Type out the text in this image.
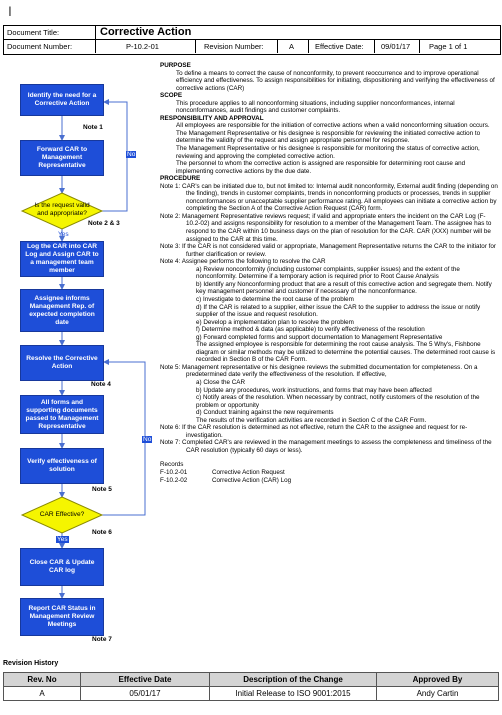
I
Document Title:	Corrective Action
Document Number:	P-10.2-01	Revision Number:	A	Effective Date: 09/01/17	Page 1 of 1
Identify the need for a Corrective Action
Note 1
Forward CAR to Management Representative
Is the request valid and appropriate?
Note 2 & 3
No
Yes
Log the CAR into CAR Log and Assign CAR to a management team member
Assignee informs Management Rep. of expected completion date
Resolve the Corrective Action
Note 4
All forms and supporting documents passed to Management Representative
Verify effectiveness of solution
Note 5
CAR Effective?
Note 6
No
Yes
Close CAR & Update CAR log
Report CAR Status in Management Review Meetings
Note 7

PURPOSE

To define a means to correct the cause of nonconformity, to prevent reoccurrence and to improve operational efficiency and effectiveness. To assign responsibilities for initiating, dispositioning and verifying the effectiveness of corrective actions (CAR)

SCOPE

This procedure applies to all nonconforming situations, including supplier nonconformances, internal nonconformances, audit findings and customer complaints.

RESPONSIBILITY AND APPROVAL

All employees are responsible for the initiation of corrective actions when a valid nonconforming situation occurs.

The Management Representative or his designee is responsible for reviewing the initiated corrective action to determine the validity of the request and assign appropriate personnel for response.

The Management Representative or his designee is responsible for monitoring the status of corrective action, reviewing and approving the completed corrective action.

The personnel to whom the corrective action is assigned are responsible for determining root cause and implementing corrective actions by the due date.

PROCEDURE

Note 1: CAR's can be initiated due to, but not limited to: Internal audit nonconformity, External audit finding (depending on the finding), trends in customer complaints, trends in nonconforming products or processes, trends in supplier nonconformances or unacceptable supplier performance rating. All employees can initiate a corrective action by completing the Section A of the Corrective Action Request (CAR) form.

Note 2: Management Representative reviews request; if valid and appropriate enters the incident on the CAR Log (F-10.2-02) and assigns responsibility for resolution to a member of the Management Team. The assignee has to respond to the CAR within 10 business days on the plan of resolution for the CAR. CAR (XXX) number will be assigned to the CAR at this time.

Note 3: If the CAR is not considered valid or appropriate, Management Representative returns the CAR to the initiator for further clarification or review.

Note 4: Assignee performs the following to resolve the CAR

a) Review nonconformity (including customer complaints, supplier issues) and the extent of the nonconformity. Determine if a temporary action is required prior to Root Cause Analysis

b) Identify any Nonconforming product that are a result of this corrective action and segregate them. Notify key management personnel and customer if necessary of the nonconformance.

c) Investigate to determine the root cause of the problem

d) If the CAR is related to a supplier, either issue the CAR to the supplier to address the issue or notify supplier of the issue and request resolution.

e) Develop a implementation plan to resolve the problem

f) Determine method & data (as applicable) to verify effectiveness of the resolution

g) Forward completed forms and support documentation to Management Representative

The assigned employee is responsible for determining the root cause analysis. The 5 Why's, Fishbone diagram or similar methods may be utilized to determine the potential causes. The determined root cause is recorded in Section B of the CAR Form.

Note 5: Management representative or his designee reviews the submitted documentation for completeness. On a predetermined date verify the effectiveness of the resolution. If effective,

a) Close the CAR

b) Update any procedures, work instructions, and forms that may have been affected

c) Notify areas of the resolution. When necessary by contract, notify customers of the resolution of the problem or opportunity

d) Conduct training against the new requirements

The results of the verification activities are recorded in Section C of the CAR Form.

Note 6: If the CAR resolution is determined as not effective, return the CAR to the assignee and request for re-investigation.

Note 7: Completed CAR's are reviewed in the management meetings to assess the completeness and timeliness of the CAR resolution (typically 60 days or less).

Records

F-10.2-01	Corrective Action Request

F-10.2-02	Corrective Action (CAR) Log

Revision History
Rev. No	Effective Date	Description of the Change	Approved By
A	05/01/17	Initial Release to ISO 9001:2015	Andy Cartin
